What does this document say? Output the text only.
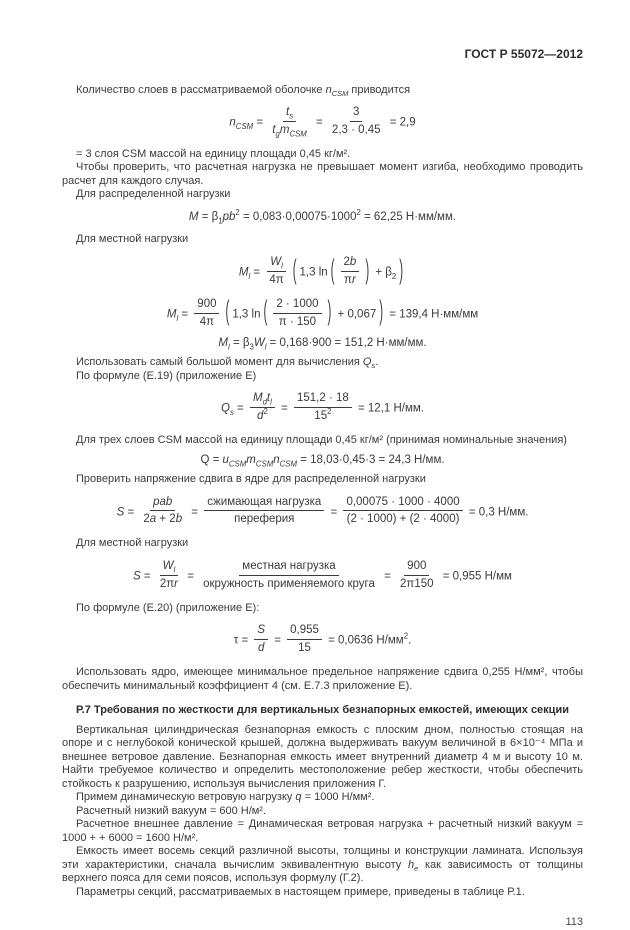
ГОСТ Р 55072—2012
Количество слоев в рассматриваемой оболочке $n_{CSM}$ приводится
$n_{CSM} = \frac{t_s}{t_gm_{CSM}} = \frac{3}{2,3 \cdot 0,45} = 2,9$
= 3 слоя CSM массой на единицу площади 0,45 кг/м².
Чтобы проверить, что расчетная нагрузка не превышает момент изгиба, необходимо проводить расчет для каждого случая.
Для распределенной нагрузки
$M = \beta_1pb^2 = 0,083\cdot 0,00075\cdot 1000^2 = 62,25$ Н·мм/мм.
Для местной нагрузки
$M_l = \frac{W_l}{4\pi}$ ( 1,3 ln ( $\frac{2b}{\pi r}$ ) + $\beta_2$ )
$M_l = \frac{900}{4\pi}$ ( 1,3 ln ( $\frac{2 \cdot 1000}{\pi \cdot 150}$ ) + 0,067 ) = 139,4 Н·мм/мм
$M_l = \beta_3W_l = 0,168\cdot 900 = 151,2$ Н·мм/мм.
Использовать самый большой момент для вычисления $Q_s$.
По формуле (Е.19) (приложение Е)
$Q_s = \frac{M_dt_l}{d^2} = \frac{151,2 \cdot 18}{15^2} = 12,1$ Н/мм.
Для трех слоев CSM массой на единицу площади 0,45 кг/м² (принимая номинальные значения)
$Q = u_{CSM}m_{CSM}n_{CSM} = 18,03\cdot 0,45\cdot 3 = 24,3$ Н/мм.
Проверить напряжение сдвига в ядре для распределенной нагрузки
$S = \frac{\text{pab}}{2a + 2b} = \frac{\text{сжимающая нагрузка}}{\text{переферия}} = \frac{0,00075 \cdot 1000 \cdot 4000}{(2 \cdot 1000) + (2 \cdot 4000)} = 0,3$ Н/мм.
Для местной нагрузки
$S = \frac{W_l}{2\pi r} = \frac{\text{местная нагрузка}}{\text{окружность применяемого круга}} = \frac{900}{2\pi 150} = 0,955$ Н/мм
По формуле (Е.20) (приложение Е):
$\tau = \frac{S}{d} = \frac{0,955}{15} = 0,0636$ $Н/мм^2$.
Использовать ядро, имеющее минимальное предельное напряжение сдвига 0,255 Н/мм², чтобы обеспечить минимальный коэффициент 4 (см. Е.7.3 приложение Е).
Р.7 Требования по жесткости для вертикальных безнапорных емкостей, имеющих секции
Вертикальная цилиндрическая безнапорная емкость с плоским дном, полностью стоящая на опоре и с неглубокой конической крышей, должна выдерживать вакуум величиной в 6×10⁻⁴ МПа и внешнее ветровое давление. Безнапорная емкость имеет внутренний диаметр 4 м и высоту 10 м. Найти требуемое количество и определить местоположение ребер жесткости, чтобы обеспечить стойкость к разрушению, используя вычисления приложения Г.
Примем динамическую ветровую нагрузку q = 1000 Н/мм².
Расчетный низкий вакуум = 600 Н/м².
Расчетное внешнее давление = Динамическая ветровая нагрузка + расчетный низкий вакуум = 1000 + + 6000 = 1600 Н/м².
Емкость имеет восемь секций различной высоты, толщины и конструкции ламината. Используя эти характеристики, сначала вычислим эквивалентную высоту $h_e$ как зависимость от толщины верхнего пояса для семи поясов, используя формулу (Г.2).
Параметры секций, рассматриваемых в настоящем примере, приведены в таблице Р.1.
113
